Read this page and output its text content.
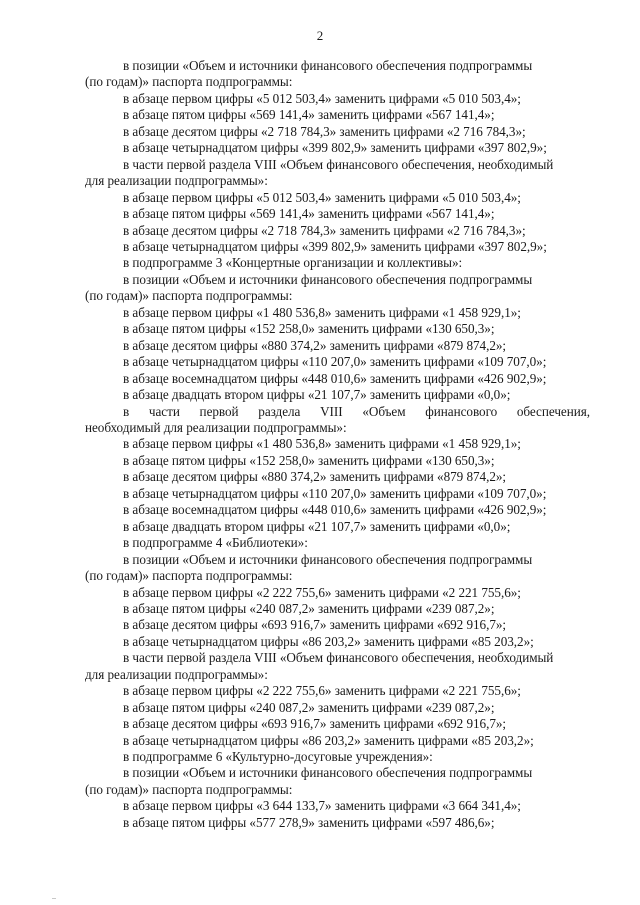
2
в позиции «Объем и источники финансового обеспечения подпрограммы
(по годам)» паспорта подпрограммы:
в абзаце первом цифры «5 012 503,4» заменить цифрами «5 010 503,4»;
в абзаце пятом цифры «569 141,4» заменить цифрами «567 141,4»;
в абзаце десятом цифры «2 718 784,3» заменить цифрами «2 716 784,3»;
в абзаце четырнадцатом цифры «399 802,9» заменить цифрами «397 802,9»;
в части первой раздела VIII «Объем финансового обеспечения, необходимый
для реализации подпрограммы»:
в абзаце первом цифры «5 012 503,4» заменить цифрами «5 010 503,4»;
в абзаце пятом цифры «569 141,4» заменить цифрами «567 141,4»;
в абзаце десятом цифры «2 718 784,3» заменить цифрами «2 716 784,3»;
в абзаце четырнадцатом цифры «399 802,9» заменить цифрами «397 802,9»;
в подпрограмме 3 «Концертные организации и коллективы»:
в позиции «Объем и источники финансового обеспечения подпрограммы
(по годам)» паспорта подпрограммы:
в абзаце первом цифры «1 480 536,8» заменить цифрами «1 458 929,1»;
в абзаце пятом цифры «152 258,0» заменить цифрами «130 650,3»;
в абзаце десятом цифры «880 374,2» заменить цифрами «879 874,2»;
в абзаце четырнадцатом цифры «110 207,0» заменить цифрами «109 707,0»;
в абзаце восемнадцатом цифры «448 010,6» заменить цифрами «426 902,9»;
в абзаце двадцать втором цифры «21 107,7» заменить цифрами «0,0»;
в части первой раздела VIII «Объем финансового обеспечения,
необходимый для реализации подпрограммы»:
в абзаце первом цифры «1 480 536,8» заменить цифрами «1 458 929,1»;
в абзаце пятом цифры «152 258,0» заменить цифрами «130 650,3»;
в абзаце десятом цифры «880 374,2» заменить цифрами «879 874,2»;
в абзаце четырнадцатом цифры «110 207,0» заменить цифрами «109 707,0»;
в абзаце восемнадцатом цифры «448 010,6» заменить цифрами «426 902,9»;
в абзаце двадцать втором цифры «21 107,7» заменить цифрами «0,0»;
в подпрограмме 4 «Библиотеки»:
в позиции «Объем и источники финансового обеспечения подпрограммы
(по годам)» паспорта подпрограммы:
в абзаце первом цифры «2 222 755,6» заменить цифрами «2 221 755,6»;
в абзаце пятом цифры «240 087,2» заменить цифрами «239 087,2»;
в абзаце десятом цифры «693 916,7» заменить цифрами «692 916,7»;
в абзаце четырнадцатом цифры «86 203,2» заменить цифрами «85 203,2»;
в части первой раздела VIII «Объем финансового обеспечения, необходимый
для реализации подпрограммы»:
в абзаце первом цифры «2 222 755,6» заменить цифрами «2 221 755,6»;
в абзаце пятом цифры «240 087,2» заменить цифрами «239 087,2»;
в абзаце десятом цифры «693 916,7» заменить цифрами «692 916,7»;
в абзаце четырнадцатом цифры «86 203,2» заменить цифрами «85 203,2»;
в подпрограмме 6 «Культурно-досуговые учреждения»:
в позиции «Объем и источники финансового обеспечения подпрограммы
(по годам)» паспорта подпрограммы:
в абзаце первом цифры «3 644 133,7» заменить цифрами «3 664 341,4»;
в абзаце пятом цифры «577 278,9» заменить цифрами «597 486,6»;
